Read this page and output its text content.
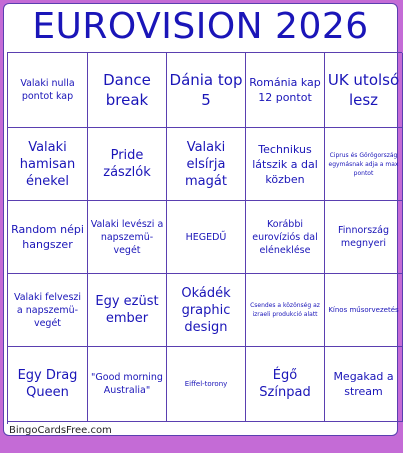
EUROVISION 2026
Valaki nulla pontot kap
Dance break
Dánia top 5
Románia kap 12 pontot
UK utolsó lesz
Valaki hamisan énekel
Pride zászlók
Valaki elsírja magát
Technikus látszik a dal közben
Ciprus és Görögország egymásnak adja a max pontot
Random népi hangszer
Valaki levészi a napszemü-vegét
HEGEDŰ
Korábbi eurovíziós dal eléneklése
Finnország megnyeri
Valaki felveszi a napszemü-vegét
Egy ezüst ember
Okádék graphic design
Csendes a közönség az izraeli produkció alatt
Kínos műsorvezetés
Egy Drag Queen
"Good morning Australia"
Eiffel-torony
Égő Színpad
Megakad a stream
BingoCardsFree.com
